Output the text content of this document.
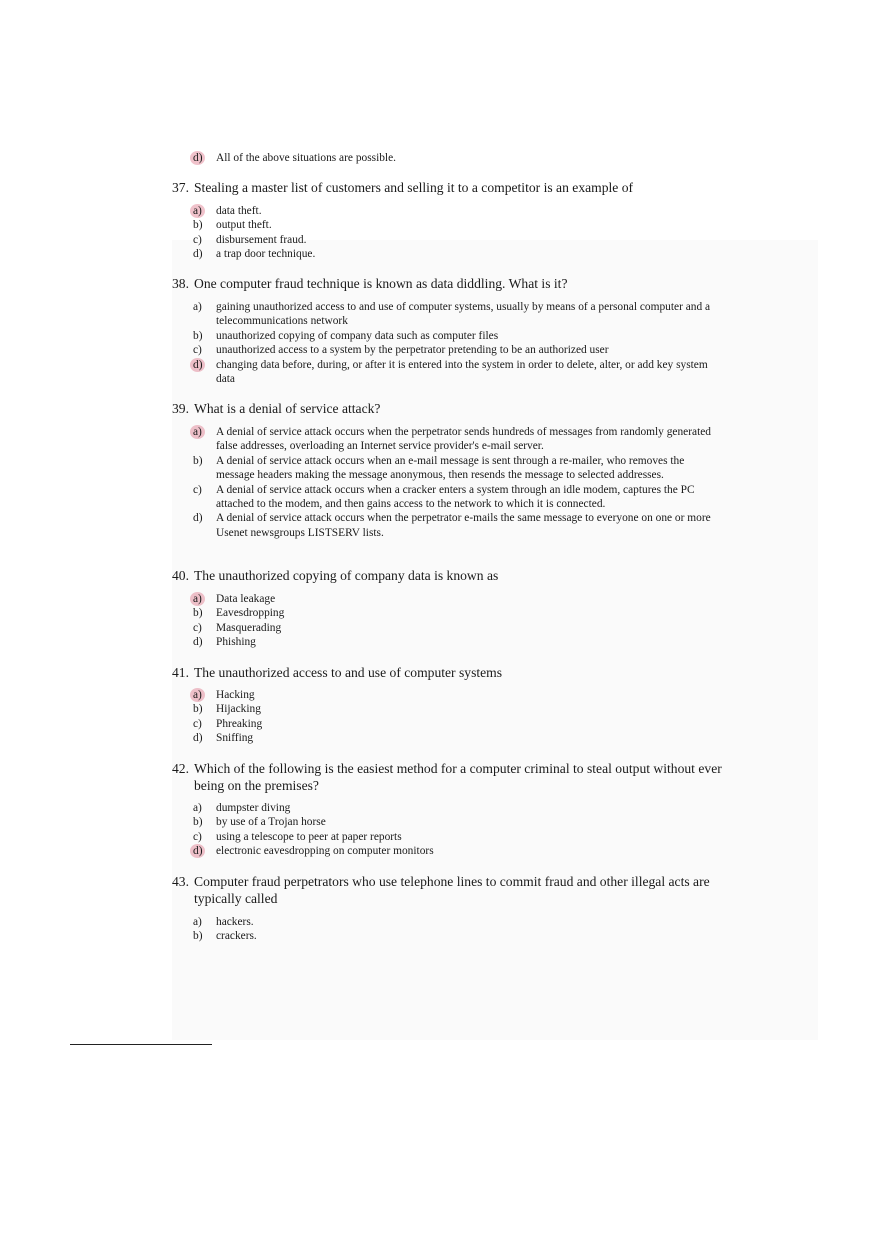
d)	All of the above situations are possible.
37. Stealing a master list of customers and selling it to a competitor is an example of
a)	data theft.
b)	output theft.
c)	disbursement fraud.
d)	a trap door technique.
38. One computer fraud technique is known as data diddling. What is it?
a)	gaining unauthorized access to and use of computer systems, usually by means of a personal computer and a telecommunications network
b)	unauthorized copying of company data such as computer files
c)	unauthorized access to a system by the perpetrator pretending to be an authorized user
d)	changing data before, during, or after it is entered into the system in order to delete, alter, or add key system data
39. What is a denial of service attack?
a)	A denial of service attack occurs when the perpetrator sends hundreds of messages from randomly generated false addresses, overloading an Internet service provider's e-mail server.
b)	A denial of service attack occurs when an e-mail message is sent through a re-mailer, who removes the message headers making the message anonymous, then resends the message to selected addresses.
c)	A denial of service attack occurs when a cracker enters a system through an idle modem, captures the PC attached to the modem, and then gains access to the network to which it is connected.
d)	A denial of service attack occurs when the perpetrator e-mails the same message to everyone on one or more Usenet newsgroups LISTSERV lists.
40. The unauthorized copying of company data is known as
a)	Data leakage
b)	Eavesdropping
c)	Masquerading
d)	Phishing
41. The unauthorized access to and use of computer systems
a)	Hacking
b)	Hijacking
c)	Phreaking
d)	Sniffing
42. Which of the following is the easiest method for a computer criminal to steal output without ever being on the premises?
a)	dumpster diving
b)	by use of a Trojan horse
c)	using a telescope to peer at paper reports
d)	electronic eavesdropping on computer monitors
43. Computer fraud perpetrators who use telephone lines to commit fraud and other illegal acts are typically called
a)	hackers.
b)	crackers.
